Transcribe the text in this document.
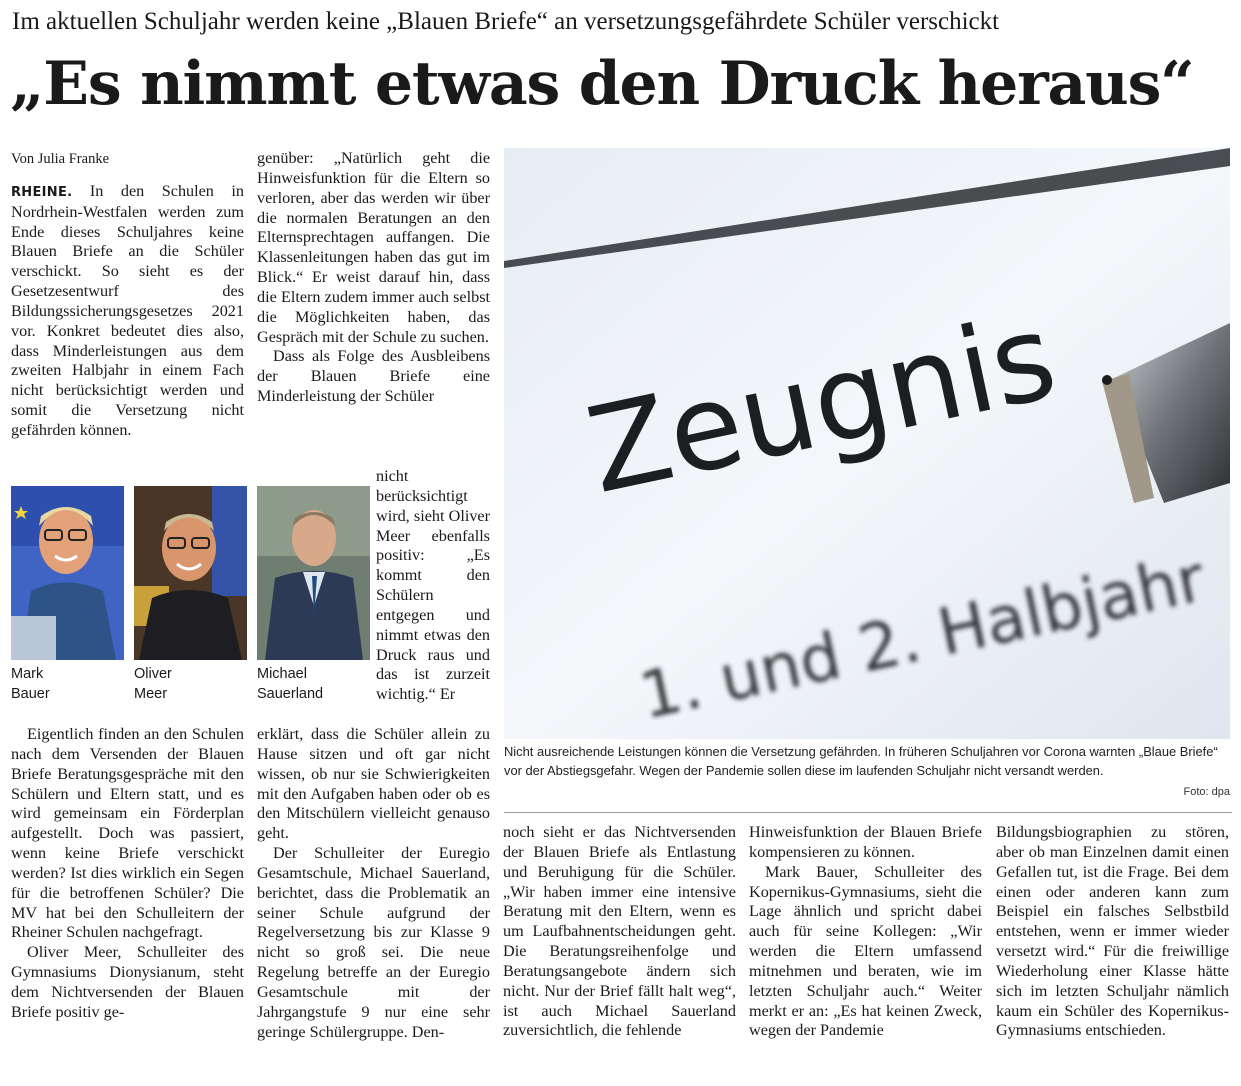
Im aktuellen Schuljahr werden keine „Blauen Briefe“ an versetzungsgefährdete Schüler verschickt
„Es nimmt etwas den Druck heraus“

Von Julia Franke

RHEINE. In den Schulen in Nordrhein-Westfalen werden zum Ende dieses Schuljahres keine Blauen Briefe an die Schüler verschickt. So sieht es der Gesetzesentwurf des Bildungssicherungsgesetzes 2021 vor. Konkret bedeutet dies also, dass Minderleistungen aus dem zweiten Halbjahr in einem Fach nicht berücksichtigt werden und somit die Versetzung nicht gefährden können.

Mark
Bauer
Oliver
Meer
Michael
Sauerland

Eigentlich finden an den Schulen nach dem Versenden der Blauen Briefe Beratungsgespräche mit den Schülern und Eltern statt, und es wird gemeinsam ein Förderplan aufgestellt. Doch was passiert, wenn keine Briefe verschickt werden? Ist dies wirklich ein Segen für die betroffenen Schüler? Die MV hat bei den Schulleitern der Rheiner Schulen nachgefragt.

Oliver Meer, Schulleiter des Gymnasiums Dionysianum, steht dem Nichtversenden der Blauen Briefe positiv ge-

genüber: „Natürlich geht die Hinweisfunktion für die Eltern so verloren, aber das werden wir über die normalen Beratungen an den Elternsprechtagen auffangen. Die Klassenleitungen haben das gut im Blick.“ Er weist darauf hin, dass die Eltern zudem immer auch selbst die Möglichkeiten haben, das Gespräch mit der Schule zu suchen.

Dass als Folge des Ausbleibens der Blauen Briefe eine Minderleistung der Schüler

nicht berücksichtigt wird, sieht Oliver Meer ebenfalls positiv: „Es kommt den Schülern entgegen und nimmt etwas den Druck raus und das ist zurzeit wichtig.“ Er

erklärt, dass die Schüler allein zu Hause sitzen und oft gar nicht wissen, ob nur sie Schwierigkeiten mit den Aufgaben haben oder ob es den Mitschülern vielleicht genauso geht.

Der Schulleiter der Euregio Gesamtschule, Michael Sauerland, berichtet, dass die Problematik an seiner Schule aufgrund der Regelversetzung bis zur Klasse 9 nicht so groß sei. Die neue Regelung betreffe an der Euregio Gesamtschule mit der Jahrgangstufe 9 nur eine sehr geringe Schülergruppe. Den-

Zeugnis
1. und 2. Halbjahr
Nicht ausreichende Leistungen können die Versetzung gefährden. In früheren Schuljahren vor Corona warnten „Blaue Briefe“ vor der Abstiegsgefahr. Wegen der Pandemie sollen diese im laufenden Schuljahr nicht versandt werden.
Foto: dpa

noch sieht er das Nichtversenden der Blauen Briefe als Entlastung und Beruhigung für die Schüler. „Wir haben immer eine intensive Beratung mit den Eltern, wenn es um Laufbahnentscheidungen geht. Die Beratungsreihenfolge und Beratungsangebote ändern sich nicht. Nur der Brief fällt halt weg“, ist auch Michael Sauerland zuversichtlich, die fehlende

Hinweisfunktion der Blauen Briefe kompensieren zu können.

Mark Bauer, Schulleiter des Kopernikus-Gymnasiums, sieht die Lage ähnlich und spricht dabei auch für seine Kollegen: „Wir werden die Eltern umfassend mitnehmen und beraten, wie im letzten Schuljahr auch.“ Weiter merkt er an: „Es hat keinen Zweck, wegen der Pandemie

Bildungsbiographien zu stören, aber ob man Einzelnen damit einen Gefallen tut, ist die Frage. Bei dem einen oder anderen kann zum Beispiel ein falsches Selbstbild entstehen, wenn er immer wieder versetzt wird.“ Für die freiwillige Wiederholung einer Klasse hätte sich im letzten Schuljahr nämlich kaum ein Schüler des Kopernikus-Gymnasiums entschieden.
